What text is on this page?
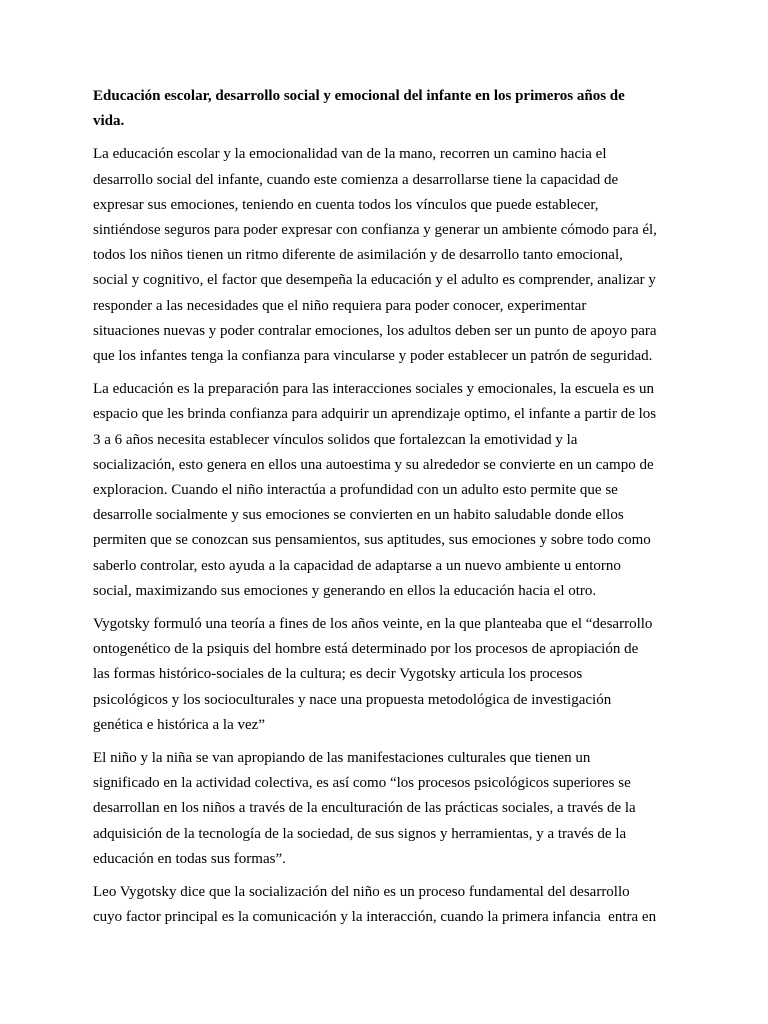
Educación escolar, desarrollo social y emocional del infante en los primeros años de
vida.
La educación escolar y la emocionalidad van de la mano, recorren un camino hacia el
desarrollo social del infante, cuando este comienza a desarrollarse tiene la capacidad de
expresar sus emociones, teniendo en cuenta todos los vínculos que puede establecer,
sintiéndose seguros para poder expresar con confianza y generar un ambiente cómodo para él,
todos los niños tienen un ritmo diferente de asimilación y de desarrollo tanto emocional,
social y cognitivo, el factor que desempeña la educación y el adulto es comprender, analizar y
responder a las necesidades que el niño requiera para poder conocer, experimentar
situaciones nuevas y poder contralar emociones, los adultos deben ser un punto de apoyo para
que los infantes tenga la confianza para vincularse y poder establecer un patrón de seguridad.
La educación es la preparación para las interacciones sociales y emocionales, la escuela es un
espacio que les brinda confianza para adquirir un aprendizaje optimo, el infante a partir de los
3 a 6 años necesita establecer vínculos solidos que fortalezcan la emotividad y la
socialización, esto genera en ellos una autoestima y su alrededor se convierte en un campo de
exploracion. Cuando el niño interactúa a profundidad con un adulto esto permite que se
desarrolle socialmente y sus emociones se convierten en un habito saludable donde ellos
permiten que se conozcan sus pensamientos, sus aptitudes, sus emociones y sobre todo como
saberlo controlar, esto ayuda a la capacidad de adaptarse a un nuevo ambiente u entorno
social, maximizando sus emociones y generando en ellos la educación hacia el otro.
Vygotsky formuló una teoría a fines de los años veinte, en la que planteaba que el “desarrollo
ontogenético de la psiquis del hombre está determinado por los procesos de apropiación de
las formas histórico-sociales de la cultura; es decir Vygotsky articula los procesos
psicológicos y los socioculturales y nace una propuesta metodológica de investigación
genética e histórica a la vez”
El niño y la niña se van apropiando de las manifestaciones culturales que tienen un
significado en la actividad colectiva, es así como “los procesos psicológicos superiores se
desarrollan en los niños a través de la enculturación de las prácticas sociales, a través de la
adquisición de la tecnología de la sociedad, de sus signos y herramientas, y a través de la
educación en todas sus formas”.
Leo Vygotsky dice que la socialización del niño es un proceso fundamental del desarrollo
cuyo factor principal es la comunicación y la interacción, cuando la primera infancia  entra en
